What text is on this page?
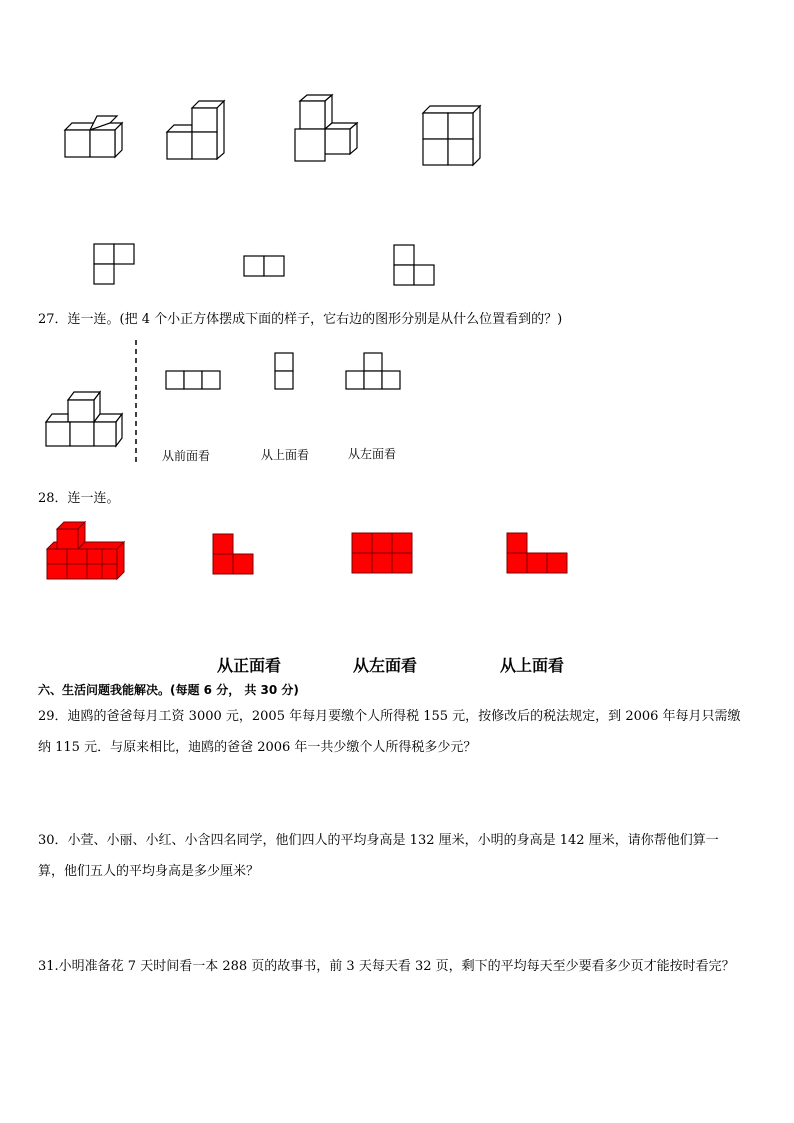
27．连一连。(把 4 个小正方体摆成下面的样子，它右边的图形分别是从什么位置看到的？)
从前面看	从上面看	从左面看
28．连一连。
从正面看	从左面看	从上面看
六、生活问题我能解决。(每题 6 分， 共 30 分)
29．迪鸥的爸爸每月工资 3000 元，2005 年每月要缴个人所得税 155 元，按修改后的税法规定，到 2006 年每月只需缴
纳 115 元．与原来相比，迪鸥的爸爸 2006 年一共少缴个人所得税多少元？
30．小萱、小丽、小红、小含四名同学，他们四人的平均身高是 132 厘米，小明的身高是 142 厘米，请你帮他们算一
算，他们五人的平均身高是多少厘米？
31.小明准备花 7 天时间看一本 288 页的故事书，前 3 天每天看 32 页，剩下的平均每天至少要看多少页才能按时看完？
